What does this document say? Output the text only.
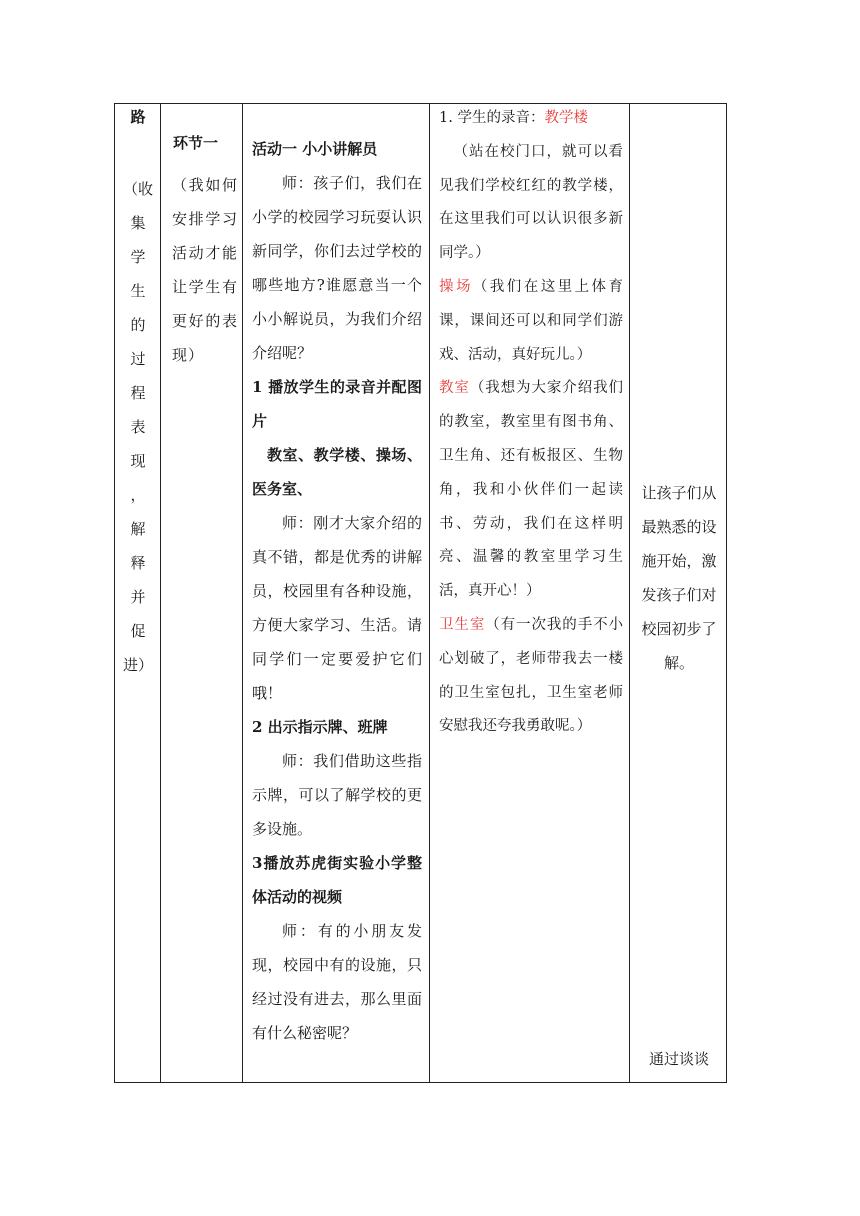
路
（收
集
学
生
的
过
程
表
现
，
解
释
并
促
进）
环节一
（我如何安排学习活动才能让学生有更好的表现）

活动一 小小讲解员

师：孩子们，我们在小学的校园学习玩耍认识新同学，你们去过学校的哪些地方?谁愿意当一个小小解说员，为我们介绍介绍呢？

1 播放学生的录音并配图片

教室、教学楼、操场、医务室、

师：刚才大家介绍的真不错，都是优秀的讲解员，校园里有各种设施，方便大家学习、生活。请同学们一定要爱护它们哦！

2 出示指示牌、班牌

师：我们借助这些指示牌，可以了解学校的更多设施。

3播放苏虎街实验小学整体活动的视频

师：有的小朋友发现，校园中有的设施，只经过没有进去，那么里面有什么秘密呢？

1. 学生的录音：教学楼

（站在校门口，就可以看见我们学校红红的教学楼，在这里我们可以认识很多新同学。）

操场（我们在这里上体育课，课间还可以和同学们游戏、活动，真好玩儿。）

教室（我想为大家介绍我们的教室，教室里有图书角、卫生角、还有板报区、生物角，我和小伙伴们一起读书、劳动，我们在这样明亮、温馨的教室里学习生活，真开心！）

卫生室（有一次我的手不小心划破了，老师带我去一楼的卫生室包扎，卫生室老师安慰我还夸我勇敢呢。）

让孩子们从最熟悉的设施开始，激发孩子们对校园初步了解。
通过谈谈
